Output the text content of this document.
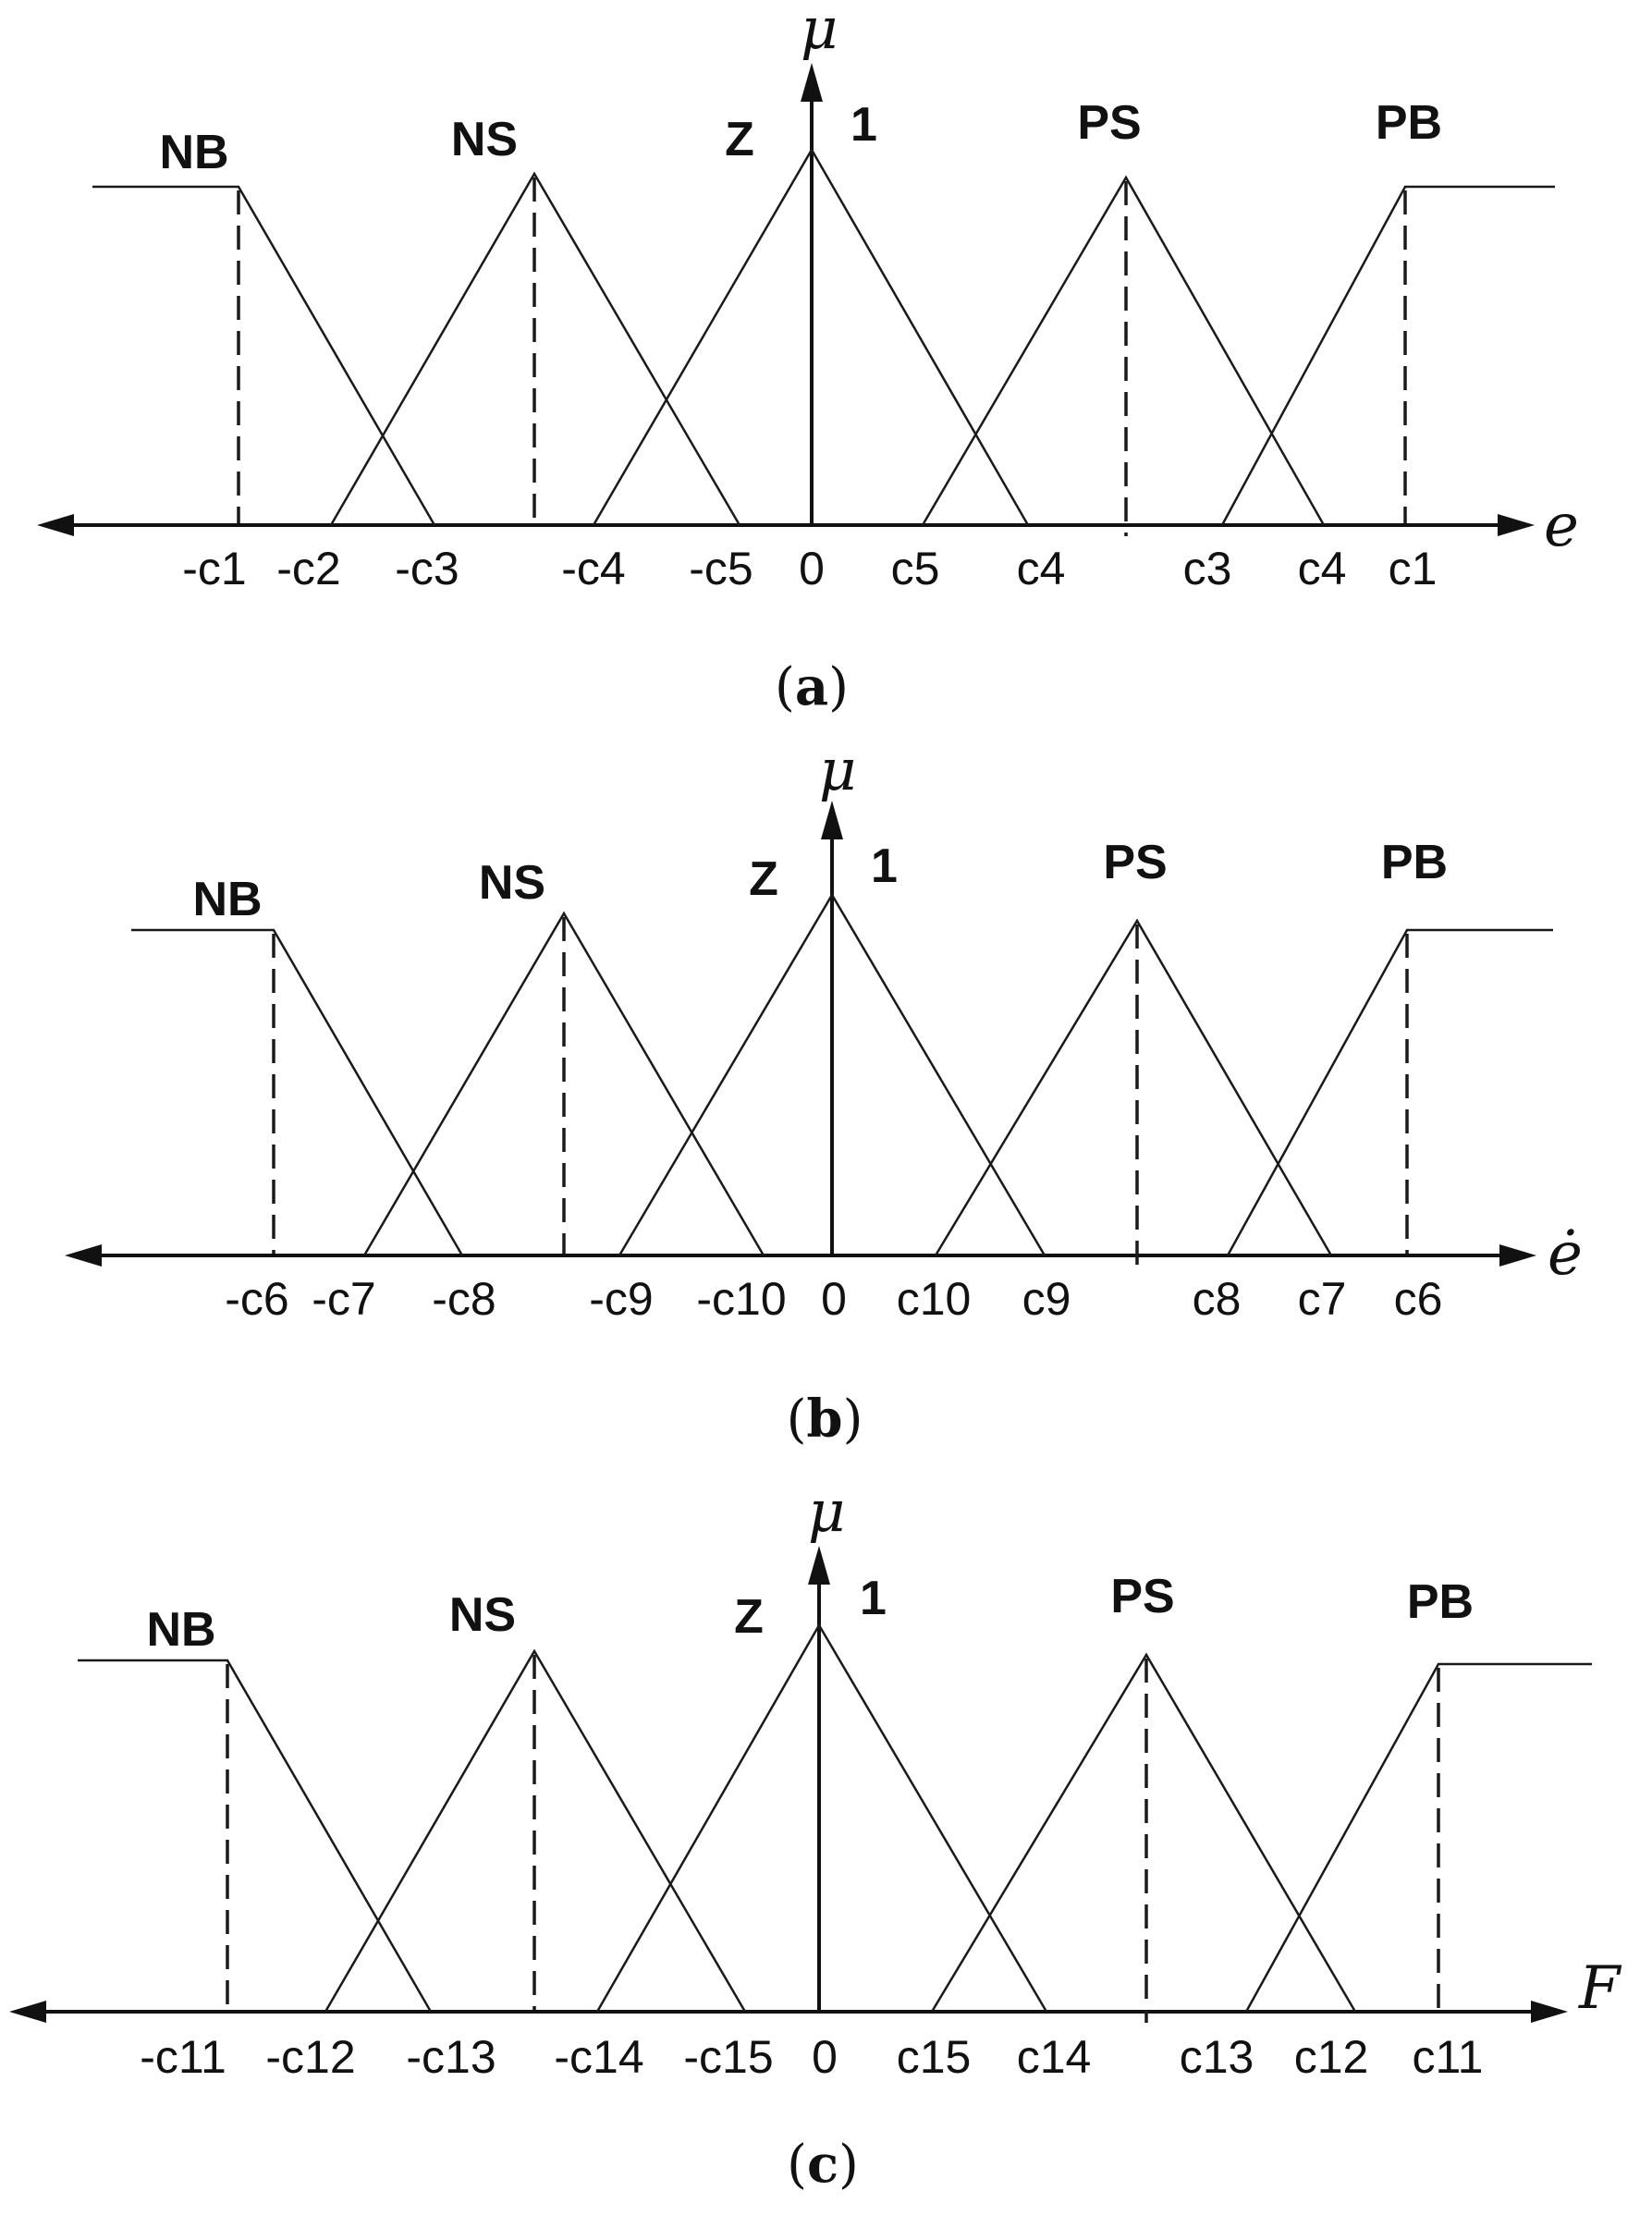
μ
1
e
NB	NS	Z	PS	PB
-c1 -c2 -c3 -c4 -c5 0 c5 c4	c3 c4 c1
(a)
μ
1
ė
NB	NS	Z	PS	PB
-c6 -c7 -c8 -c9 -c10 0 c10 c9	c8 c7 c6
(b)
μ
1
F
NB	NS	Z	PS	PB
-c11 -c12 -c13 -c14 -c15 0 c15 c14 c13 c12 c11
(c)
